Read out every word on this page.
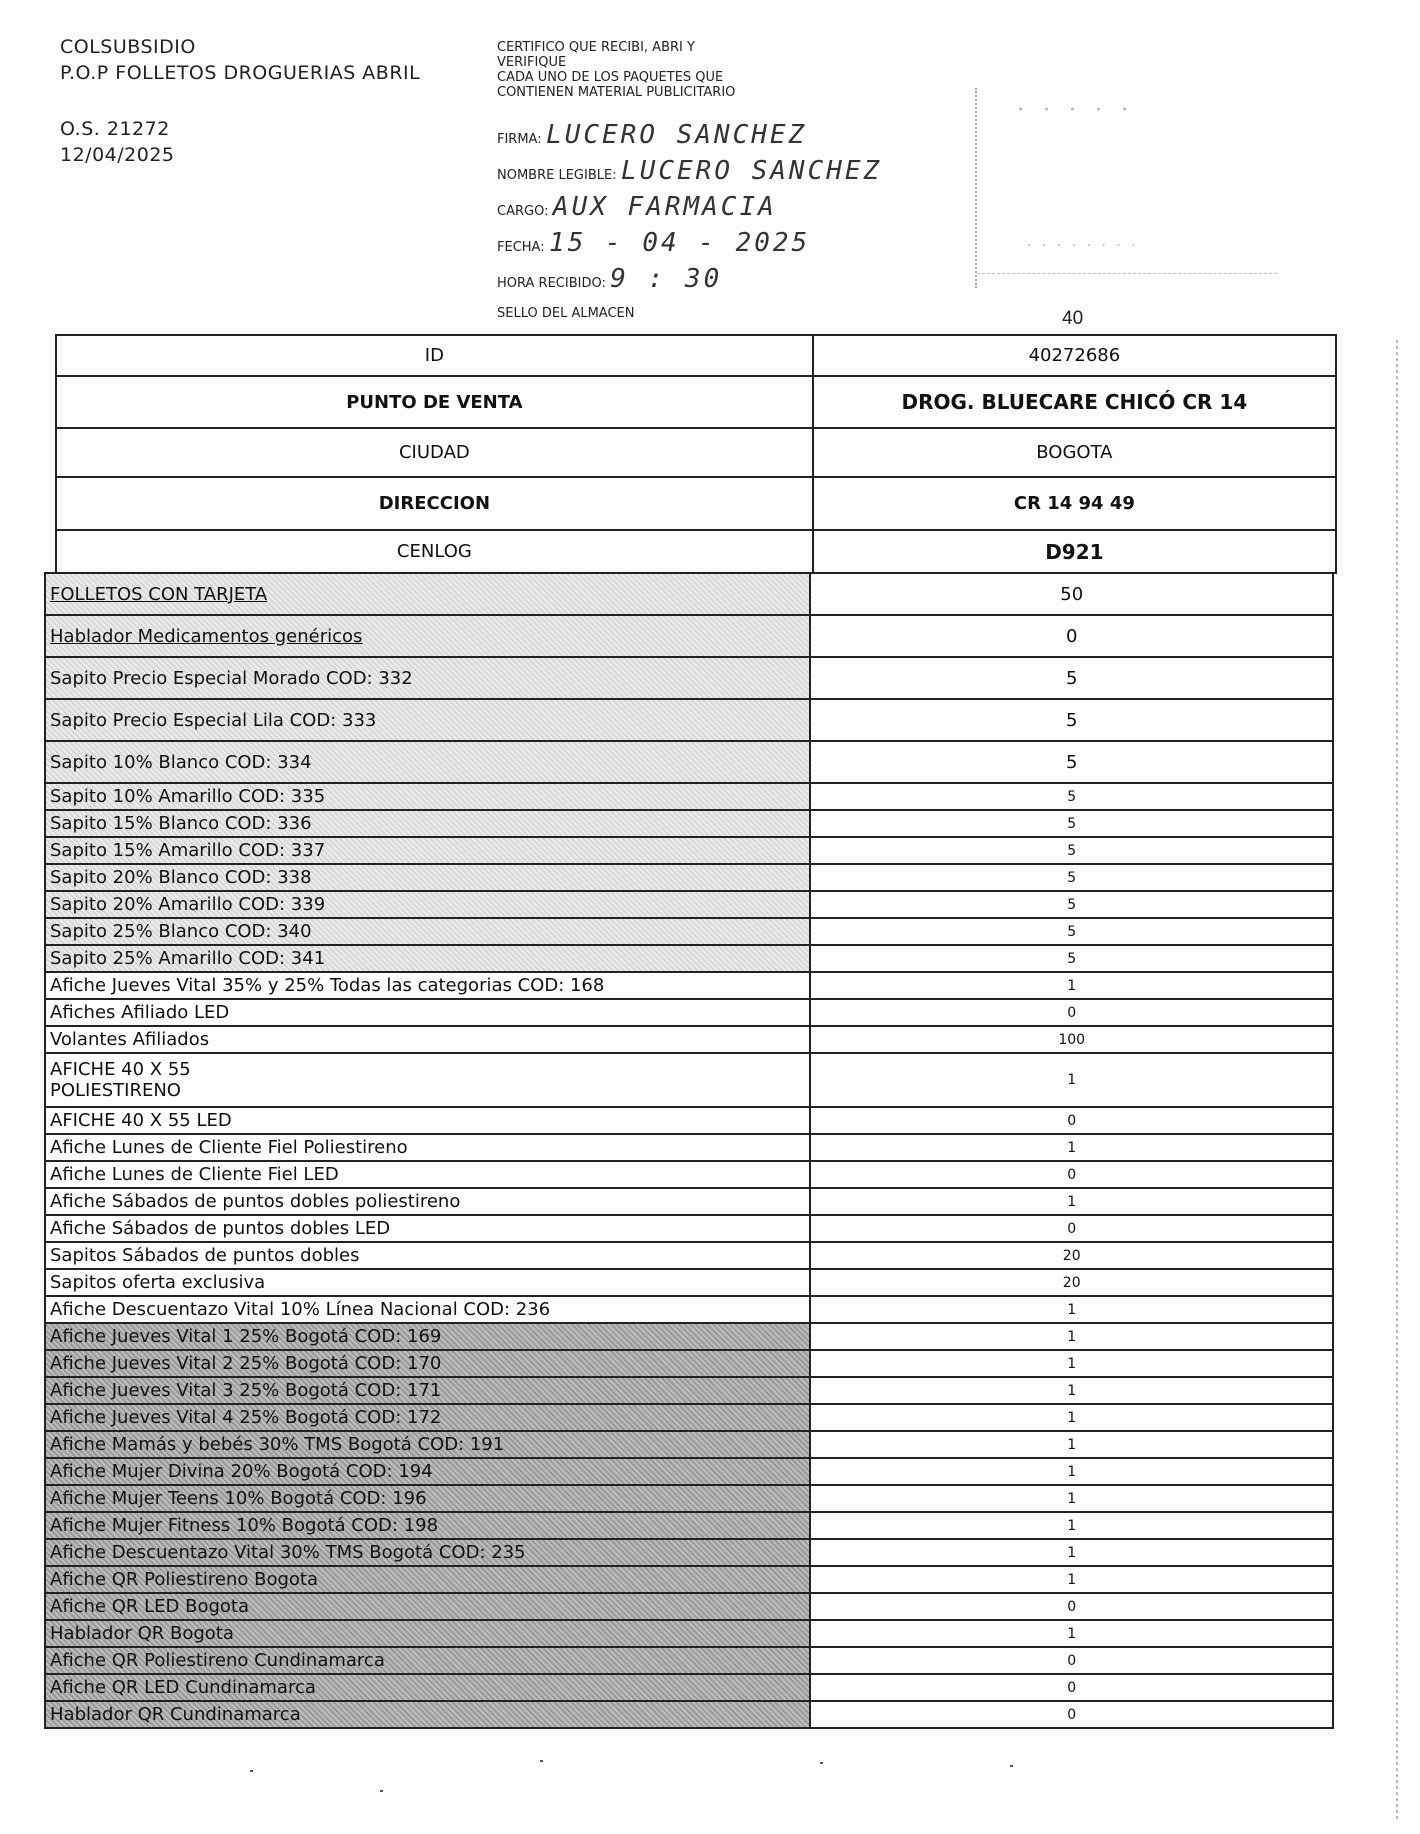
COLSUBSIDIO
P.O.P FOLLETOS DROGUERIAS ABRIL
O.S. 21272
12/04/2025
CERTIFICO QUE RECIBI, ABRI Y
VERIFIQUE
CADA UNO DE LOS PAQUETES QUE
CONTIENEN MATERIAL PUBLICITARIO
FIRMA: LUCERO SANCHEZ
NOMBRE LEGIBLE: LUCERO SANCHEZ
CARGO: AUX FARMACIA
FECHA: 15 - 04 - 2025
HORA RECIBIDO: 9 : 30
SELLO DEL ALMACEN
​· · · · ·
· · · · · · · ·
40
ID	40272686
PUNTO DE VENTA	DROG. BLUECARE CHICÓ CR 14
CIUDAD	BOGOTA
DIRECCION	CR 14 94 49
CENLOG	D921
FOLLETOS CON TARJETA	50
Hablador Medicamentos genéricos	0
Sapito Precio Especial Morado COD: 332	5
Sapito Precio Especial Lila COD: 333	5
Sapito 10% Blanco COD: 334	5
Sapito 10% Amarillo COD: 335	5
Sapito 15% Blanco COD: 336	5
Sapito 15% Amarillo COD: 337	5
Sapito 20% Blanco COD: 338	5
Sapito 20% Amarillo COD: 339	5
Sapito 25% Blanco COD: 340	5
Sapito 25% Amarillo COD: 341	5
Afiche Jueves Vital 35% y 25% Todas las categorias COD: 168	1
Afiches Afiliado LED	0
Volantes Afiliados	100
AFICHE 40 X 55
POLIESTIRENO	1
AFICHE 40 X 55 LED	0
Afiche Lunes de Cliente Fiel Poliestireno	1
Afiche Lunes de Cliente Fiel LED	0
Afiche Sábados de puntos dobles poliestireno	1
Afiche Sábados de puntos dobles LED	0
Sapitos Sábados de puntos dobles	20
Sapitos oferta exclusiva	20
Afiche Descuentazo Vital 10% Línea Nacional COD: 236	1
Afiche Jueves Vital 1 25% Bogotá COD: 169	1
Afiche Jueves Vital 2 25% Bogotá COD: 170	1
Afiche Jueves Vital 3 25% Bogotá COD: 171	1
Afiche Jueves Vital 4 25% Bogotá COD: 172	1
Afiche Mamás y bebés 30% TMS Bogotá COD: 191	1
Afiche Mujer Divina 20% Bogotá COD: 194	1
Afiche Mujer Teens 10% Bogotá COD: 196	1
Afiche Mujer Fitness 10% Bogotá COD: 198	1
Afiche Descuentazo Vital 30% TMS Bogotá COD: 235	1
Afiche QR Poliestireno Bogota	1
Afiche QR LED Bogota	0
Hablador QR Bogota	1
Afiche QR Poliestireno Cundinamarca	0
Afiche QR LED Cundinamarca	0
Hablador QR Cundinamarca	0
